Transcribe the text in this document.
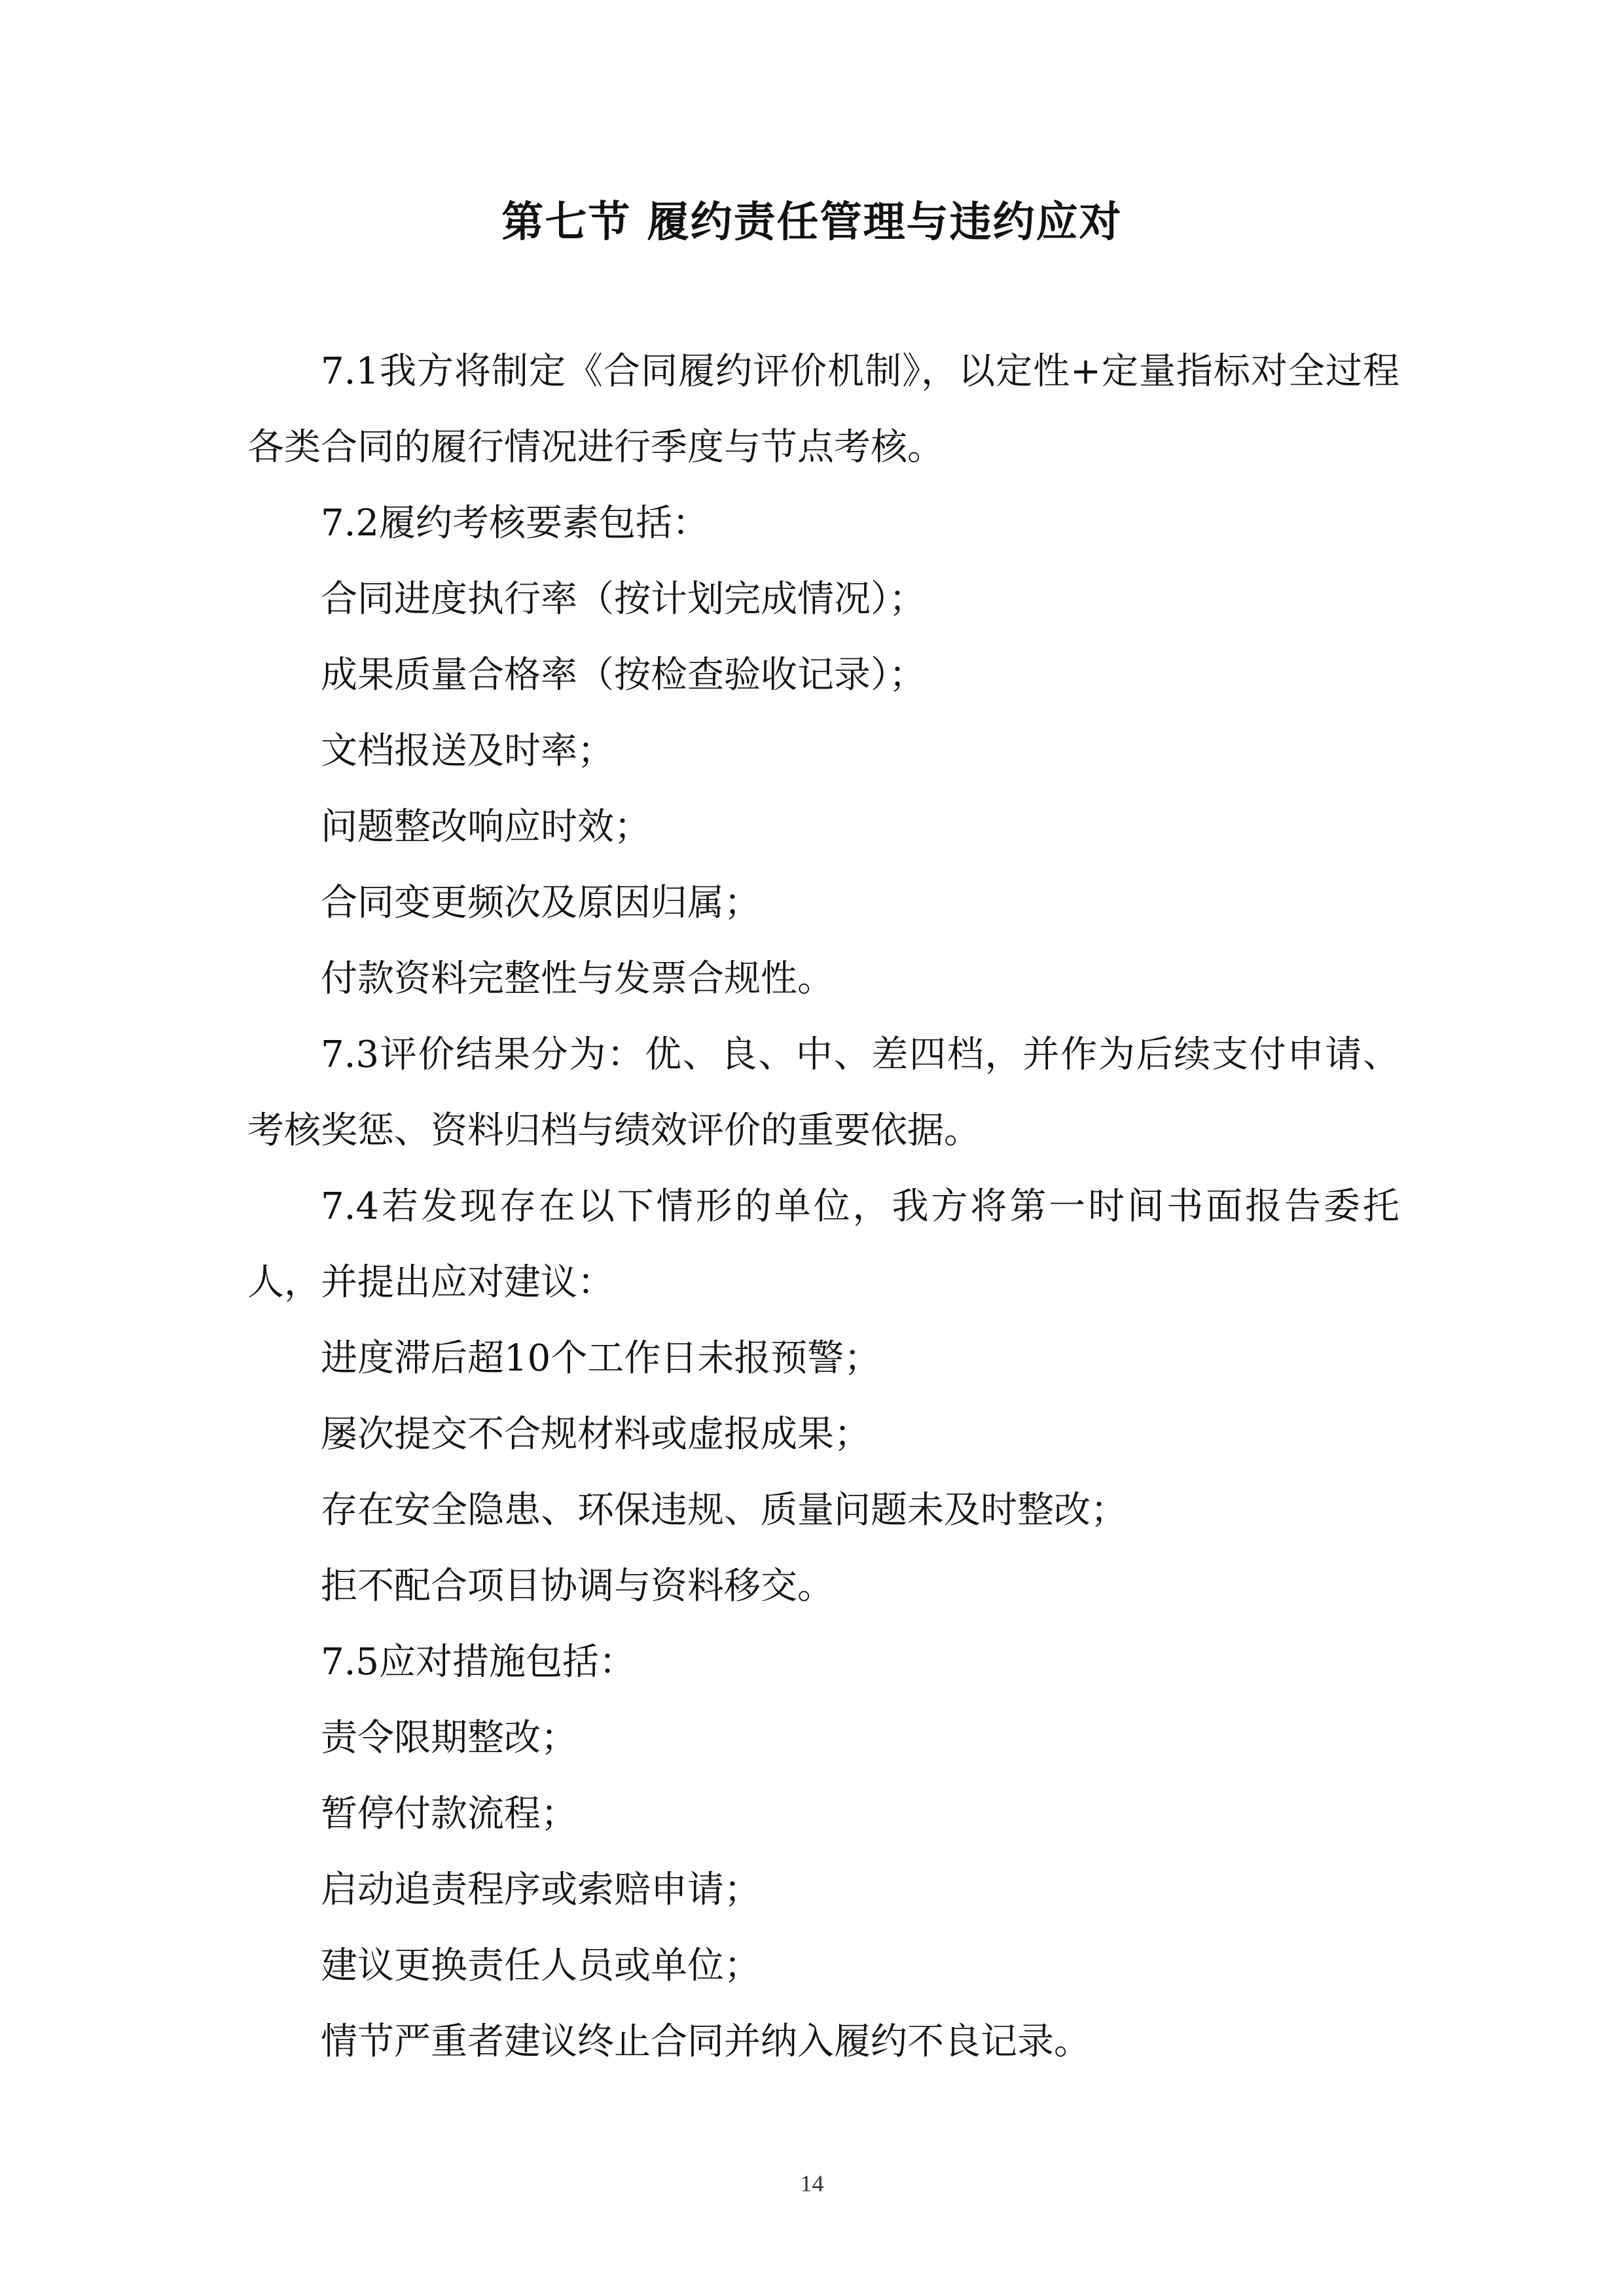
第七节 履约责任管理与违约应对

7.1我方将制定《合同履约评价机制》，以定性+定量指标对全过程各类合同的履行情况进行季度与节点考核。

7.2履约考核要素包括：

合同进度执行率（按计划完成情况）；

成果质量合格率（按检查验收记录）；

文档报送及时率；

问题整改响应时效；

合同变更频次及原因归属；

付款资料完整性与发票合规性。

7.3评价结果分为：优、良、中、差四档，并作为后续支付申请、考核奖惩、资料归档与绩效评价的重要依据。

7.4若发现存在以下情形的单位，我方将第一时间书面报告委托人，并提出应对建议：

进度滞后超10个工作日未报预警；

屡次提交不合规材料或虚报成果；

存在安全隐患、环保违规、质量问题未及时整改；

拒不配合项目协调与资料移交。

7.5应对措施包括：

责令限期整改；

暂停付款流程；

启动追责程序或索赔申请；

建议更换责任人员或单位；

情节严重者建议终止合同并纳入履约不良记录。

14
